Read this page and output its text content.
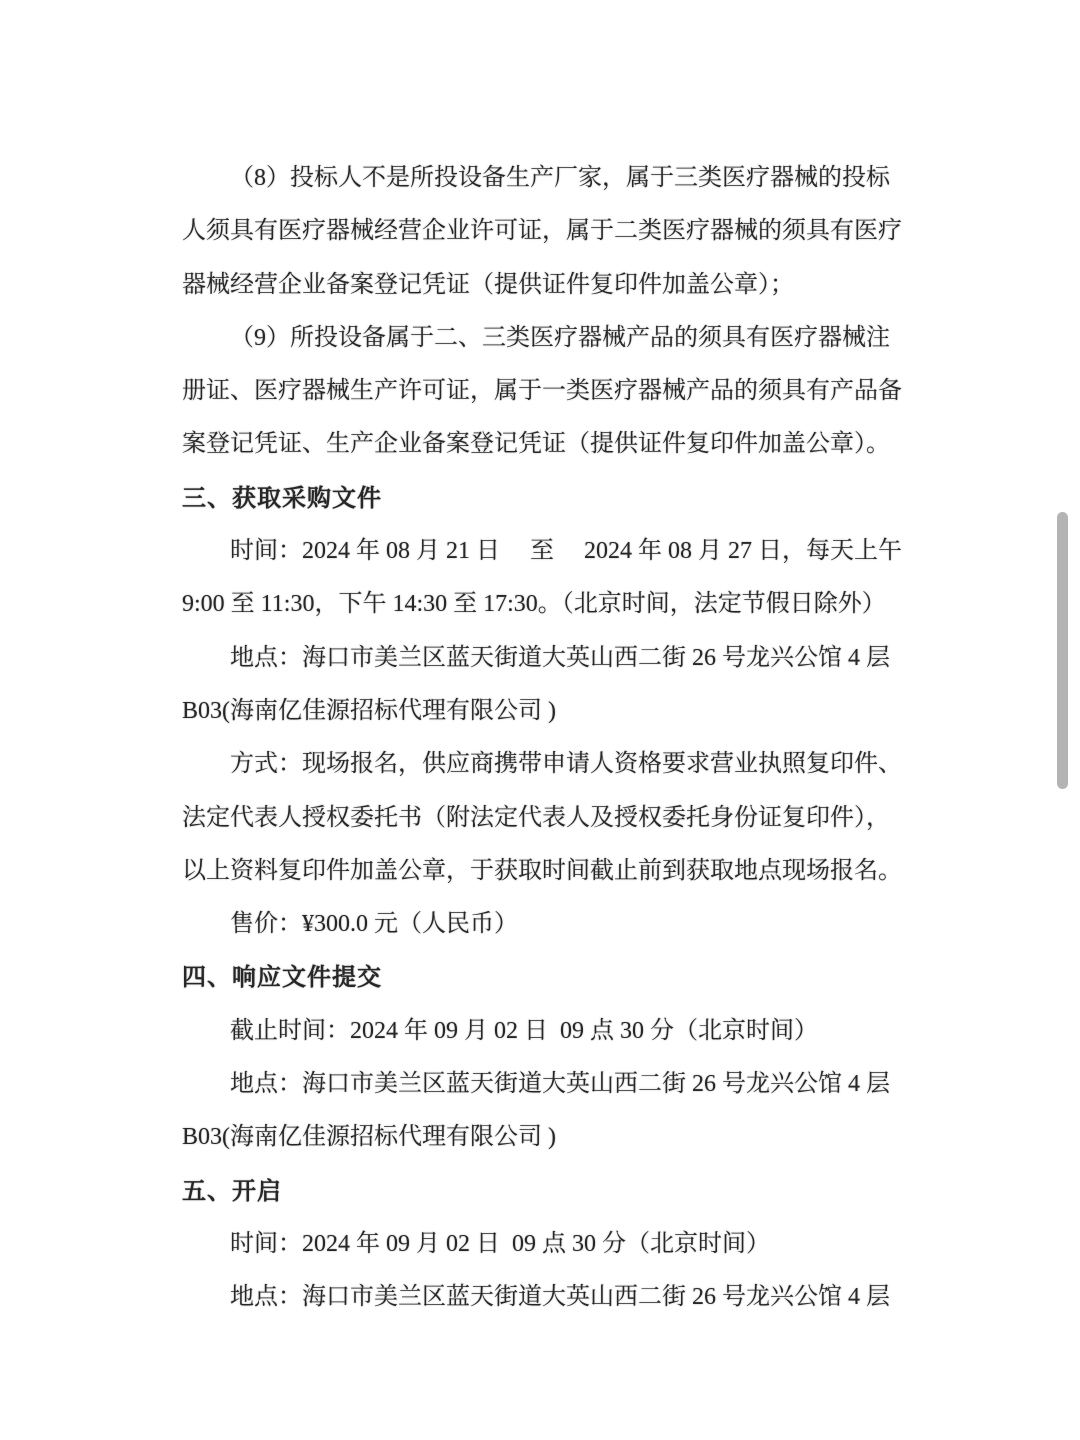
（8）投标人不是所投设备生产厂家，属于三类医疗器械的投标

人须具有医疗器械经营企业许可证，属于二类医疗器械的须具有医疗

器械经营企业备案登记凭证（提供证件复印件加盖公章）；

（9）所投设备属于二、三类医疗器械产品的须具有医疗器械注

册证、医疗器械生产许可证，属于一类医疗器械产品的须具有产品备

案登记凭证、生产企业备案登记凭证（提供证件复印件加盖公章）。

三、获取采购文件

时间：2024 年 08 月 21 日　 至 　2024 年 08 月 27 日，每天上午

9:00 至 11:30，下午 14:30 至 17:30。（北京时间，法定节假日除外）

地点：海口市美兰区蓝天街道大英山西二街 26 号龙兴公馆 4 层

B03(海南亿佳源招标代理有限公司 )

方式：现场报名，供应商携带申请人资格要求营业执照复印件、

法定代表人授权委托书（附法定代表人及授权委托身份证复印件），

以上资料复印件加盖公章，于获取时间截止前到获取地点现场报名。

售价：¥300.0 元（人民币）

四、响应文件提交

截止时间：2024 年 09 月 02 日  09 点 30 分（北京时间）

地点：海口市美兰区蓝天街道大英山西二街 26 号龙兴公馆 4 层

B03(海南亿佳源招标代理有限公司 )

五、开启

时间：2024 年 09 月 02 日  09 点 30 分（北京时间）

地点：海口市美兰区蓝天街道大英山西二街 26 号龙兴公馆 4 层
